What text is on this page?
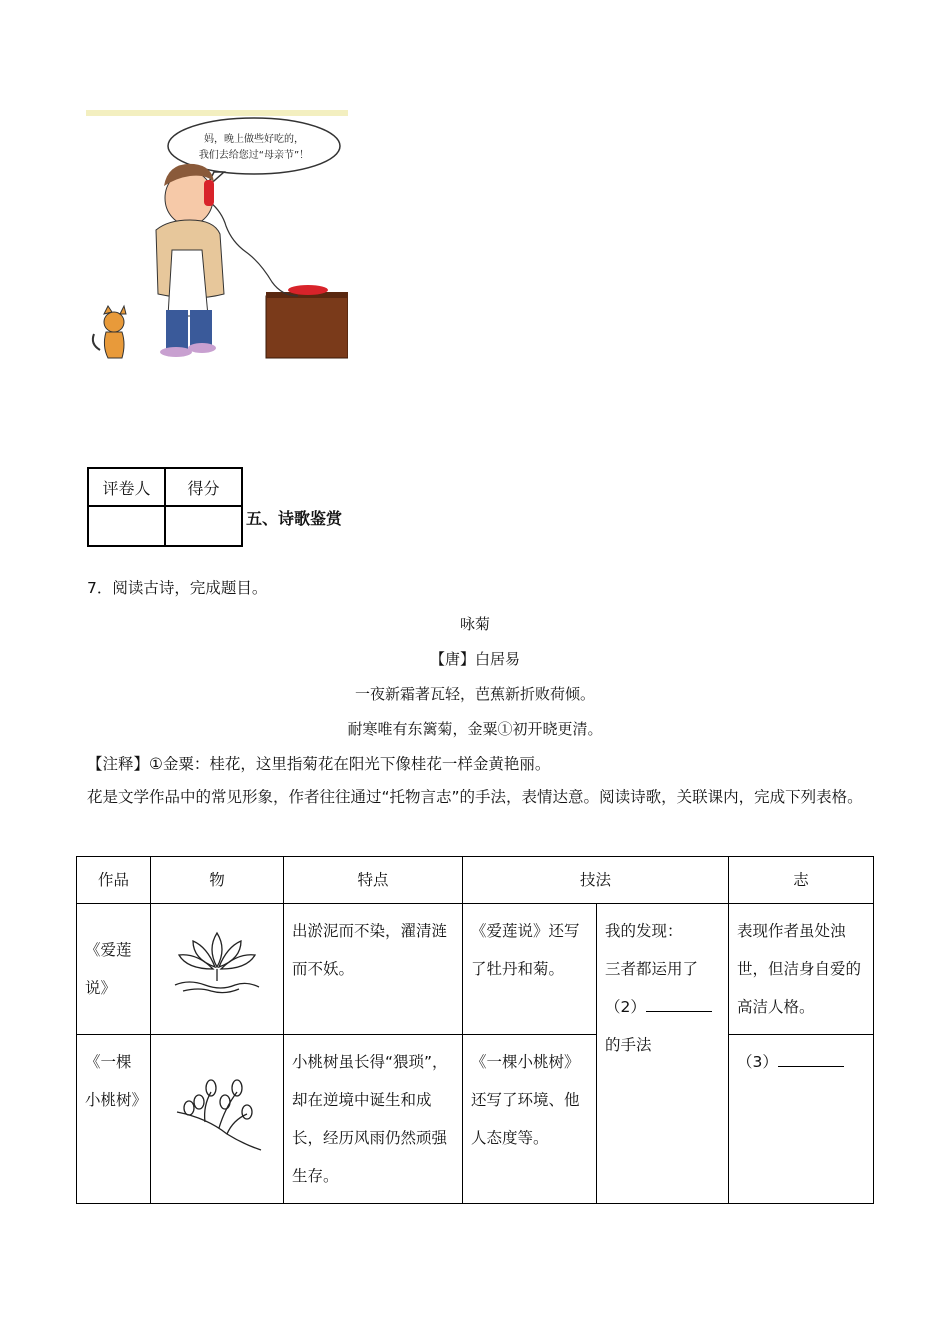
妈，晚上做些好吃的，
我们去给您过“母亲节”！
评卷人	得分

五、诗歌鉴赏
7．阅读古诗，完成题目。
咏菊
【唐】白居易
一夜新霜著瓦轻，芭蕉新折败荷倾。
耐寒唯有东篱菊，金粟①初开晓更清。
【注释】①金粟：桂花，这里指菊花在阳光下像桂花一样金黄艳丽。
花是文学作品中的常见形象，作者往往通过“托物言志”的手法，表情达意。阅读诗歌，关联课内，完成下列表格。
作品	物	特点	技法		志
《爱莲说》		出淤泥而不染，濯清涟而不妖。	《爱莲说》还写了牡丹和菊。	我的发现：
三者都运用了
（2）
的手法	表现作者虽处浊世，但洁身自爱的高洁人格。
《一棵小桃树》		小桃树虽长得“猥琐”，却在逆境中诞生和成长，经历风雨仍然顽强生存。	《一棵小桃树》还写了环境、他人态度等。		（3）
